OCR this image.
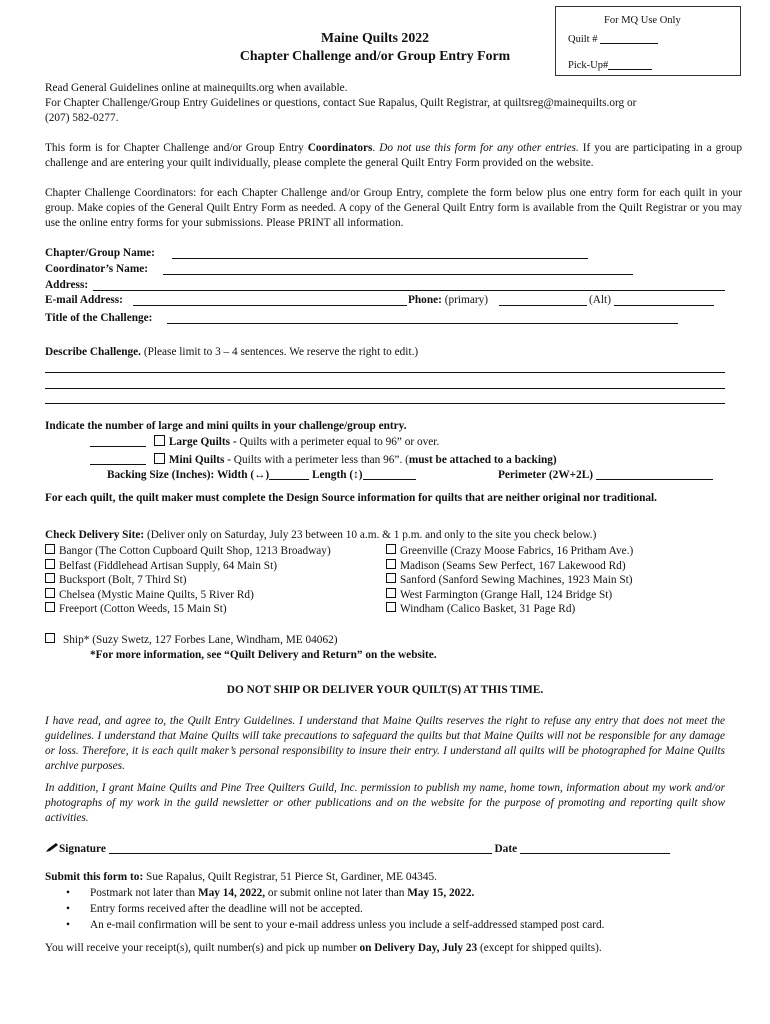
For MQ Use Only
Quilt #
Pick-Up#
Maine Quilts 2022
Chapter Challenge and/or Group Entry Form
Read General Guidelines online at mainequilts.org when available.
For Chapter Challenge/Group Entry Guidelines or questions, contact Sue Rapalus, Quilt Registrar, at quiltsreg@mainequilts.org or
(207) 582-0277.
This form is for Chapter Challenge and/or Group Entry Coordinators. Do not use this form for any other entries. If you are participating in a group challenge and are entering your quilt individually, please complete the general Quilt Entry Form provided on the website.
Chapter Challenge Coordinators: for each Chapter Challenge and/or Group Entry, complete the form below plus one entry form for each quilt in your group. Make copies of the General Quilt Entry Form as needed. A copy of the General Quilt Entry form is available from the Quilt Registrar or you may use the online entry forms for your submissions. Please PRINT all information.
Chapter/Group Name:
Coordinator’s Name:
Address:
E-mail Address:	Phone: (primary)	(Alt)
Title of the Challenge:
Describe Challenge. (Please limit to 3 – 4 sentences. We reserve the right to edit.)
Indicate the number of large and mini quilts in your challenge/group entry.
Large Quilts - Quilts with a perimeter equal to 96” or over.
Mini Quilts - Quilts with a perimeter less than 96”. (must be attached to a backing)
Backing Size (Inches): Width (↔)	Length (↕)	Perimeter (2W+2L)
For each quilt, the quilt maker must complete the Design Source information for quilts that are neither original nor traditional.
Check Delivery Site: (Deliver only on Saturday, July 23 between 10 a.m. & 1 p.m. and only to the site you check below.)
Bangor (The Cotton Cupboard Quilt Shop, 1213 Broadway)
Belfast (Fiddlehead Artisan Supply, 64 Main St)
Bucksport (Bolt, 7 Third St)
Chelsea (Mystic Maine Quilts, 5 River Rd)
Freeport (Cotton Weeds, 15 Main St)
Greenville (Crazy Moose Fabrics, 16 Pritham Ave.)
Madison (Seams Sew Perfect, 167 Lakewood Rd)
Sanford (Sanford Sewing Machines, 1923 Main St)
West Farmington (Grange Hall, 124 Bridge St)
Windham (Calico Basket, 31 Page Rd)
Ship* (Suzy Swetz, 127 Forbes Lane, Windham, ME 04062)
*For more information, see “Quilt Delivery and Return” on the website.
DO NOT SHIP OR DELIVER YOUR QUILT(S) AT THIS TIME.
I have read, and agree to, the Quilt Entry Guidelines. I understand that Maine Quilts reserves the right to refuse any entry that does not meet the guidelines. I understand that Maine Quilts will take precautions to safeguard the quilts but that Maine Quilts will not be responsible for any damage or loss. Therefore, it is each quilt maker’s personal responsibility to insure their entry. I understand all quilts will be photographed for Maine Quilts archive purposes.
In addition, I grant Maine Quilts and Pine Tree Quilters Guild, Inc. permission to publish my name, home town, information about my work and/or photographs of my work in the guild newsletter or other publications and on the website for the purpose of promoting and reporting quilt show activities.
Signature	Date
Submit this form to: Sue Rapalus, Quilt Registrar, 51 Pierce St, Gardiner, ME 04345.
• Postmark not later than May 14, 2022, or submit online not later than May 15, 2022.
• Entry forms received after the deadline will not be accepted.
• An e-mail confirmation will be sent to your e-mail address unless you include a self-addressed stamped post card.
You will receive your receipt(s), quilt number(s) and pick up number on Delivery Day, July 23 (except for shipped quilts).
